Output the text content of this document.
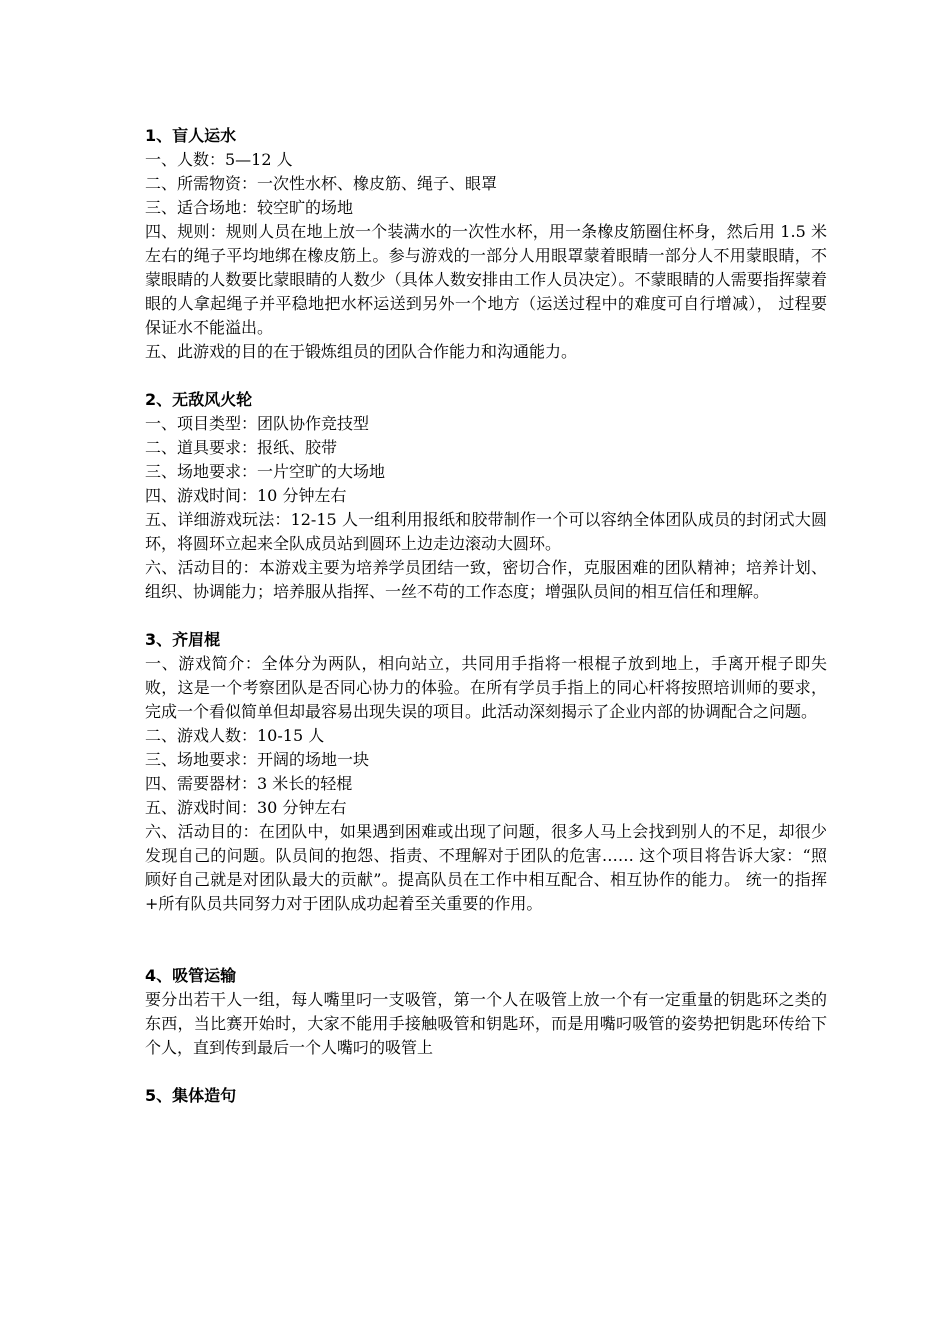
1、盲人运水
一、人数：5—12 人
二、所需物资：一次性水杯、橡皮筋、绳子、眼罩
三、适合场地：较空旷的场地
四、规则：规则人员在地上放一个装满水的一次性水杯，用一条橡皮筋圈住杯身，然后用 1.5 米左右的绳子平均地绑在橡皮筋上。参与游戏的一部分人用眼罩蒙着眼睛一部分人不用蒙眼睛，不蒙眼睛的人数要比蒙眼睛的人数少（具体人数安排由工作人员决定）。不蒙眼睛的人需要指挥蒙着眼的人拿起绳子并平稳地把水杯运送到另外一个地方（运送过程中的难度可自行增减）， 过程要保证水不能溢出。
五、此游戏的目的在于锻炼组员的团队合作能力和沟通能力。
2、无敌风火轮
一、项目类型：团队协作竞技型
二、道具要求：报纸、胶带
三、场地要求：一片空旷的大场地
四、游戏时间：10 分钟左右
五、详细游戏玩法：12-15 人一组利用报纸和胶带制作一个可以容纳全体团队成员的封闭式大圆环，将圆环立起来全队成员站到圆环上边走边滚动大圆环。
六、活动目的：本游戏主要为培养学员团结一致，密切合作，克服困难的团队精神；培养计划、组织、协调能力；培养服从指挥、一丝不苟的工作态度；增强队员间的相互信任和理解。
3、齐眉棍
一、游戏简介：全体分为两队，相向站立，共同用手指将一根棍子放到地上，手离开棍子即失败，这是一个考察团队是否同心协力的体验。在所有学员手指上的同心杆将按照培训师的要求，完成一个看似简单但却最容易出现失误的项目。此活动深刻揭示了企业内部的协调配合之问题。
二、游戏人数：10-15 人
三、场地要求：开阔的场地一块
四、需要器材：3 米长的轻棍
五、游戏时间：30 分钟左右
六、活动目的：在团队中，如果遇到困难或出现了问题，很多人马上会找到别人的不足，却很少发现自己的问题。队员间的抱怨、指责、不理解对于团队的危害…… 这个项目将告诉大家：“照顾好自己就是对团队最大的贡献”。提高队员在工作中相互配合、相互协作的能力。 统一的指挥+所有队员共同努力对于团队成功起着至关重要的作用。
4、吸管运输
要分出若干人一组，每人嘴里叼一支吸管，第一个人在吸管上放一个有一定重量的钥匙环之类的东西，当比赛开始时，大家不能用手接触吸管和钥匙环，而是用嘴叼吸管的姿势把钥匙环传给下个人，直到传到最后一个人嘴叼的吸管上
5、集体造句
